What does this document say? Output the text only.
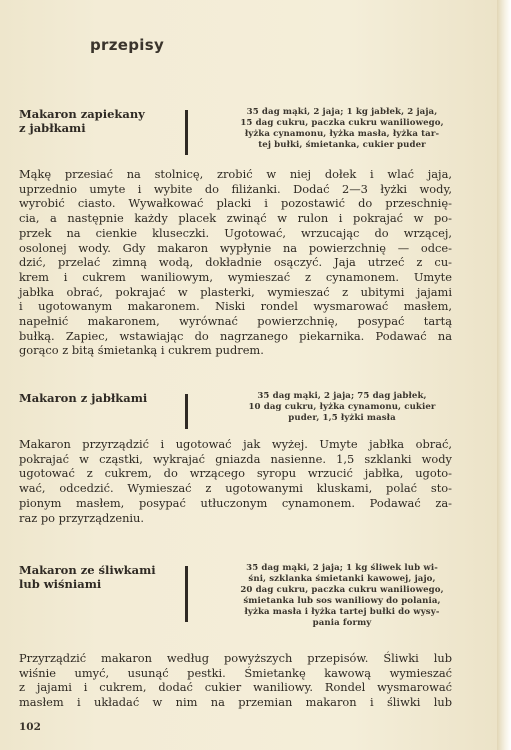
przepisy
Makaron zapiekany
z jabłkami
35 dag mąki, 2 jaja; 1 kg jabłek, 2 jaja,
15 dag cukru, paczka cukru waniliowego,
łyżka cynamonu, łyżka masła, łyżka tar-
tej bułki, śmietanka, cukier puder
Mąkę przesiać na stolnicę, zrobić w niej dołek i wlać jaja,
uprzednio umyte i wybite do filiżanki. Dodać 2—3 łyżki wody,
wyrobić ciasto. Wywałkować placki i pozostawić do przeschnię-
cia, a następnie każdy placek zwinąć w rulon i pokrajać w po-
przek na cienkie kluseczki. Ugotować, wrzucając do wrzącej,
osolonej wody. Gdy makaron wypłynie na powierzchnię — odce-
dzić, przelać zimną wodą, dokładnie osączyć. Jaja utrzeć z cu-
krem i cukrem waniliowym, wymieszać z cynamonem. Umyte
jabłka obrać, pokrajać w plasterki, wymieszać z ubitymi jajami
i ugotowanym makaronem. Niski rondel wysmarować masłem,
napełnić makaronem, wyrównać powierzchnię, posypać tartą
bułką. Zapiec, wstawiając do nagrzanego piekarnika. Podawać na
gorąco z bitą śmietanką i cukrem pudrem.
Makaron z jabłkami	35 dag mąki, 2 jaja; 75 dag jabłek,
10 dag cukru, łyżka cynamonu, cukier
puder, 1,5 łyżki masła
Makaron przyrządzić i ugotować jak wyżej. Umyte jabłka obrać,
pokrajać w cząstki, wykrajać gniazda nasienne. 1,5 szklanki wody
ugotować z cukrem, do wrzącego syropu wrzucić jabłka, ugoto-
wać, odcedzić. Wymieszać z ugotowanymi kluskami, polać sto-
pionym masłem, posypać utłuczonym cynamonem. Podawać za-
raz po przyrządzeniu.
Makaron ze śliwkami
lub wiśniami
35 dag mąki, 2 jaja; 1 kg śliwek lub wi-
śni, szklanka śmietanki kawowej, jajo,
20 dag cukru, paczka cukru waniliowego,
śmietanka lub sos waniliowy do polania,
łyżka masła i łyżka tartej bułki do wysy-
pania formy
Przyrządzić makaron według powyższych przepisów. Śliwki lub
wiśnie umyć, usunąć pestki. Śmietankę kawową wymieszać
z jajami i cukrem, dodać cukier waniliowy. Rondel wysmarować
masłem i układać w nim na przemian makaron i śliwki lub
102
